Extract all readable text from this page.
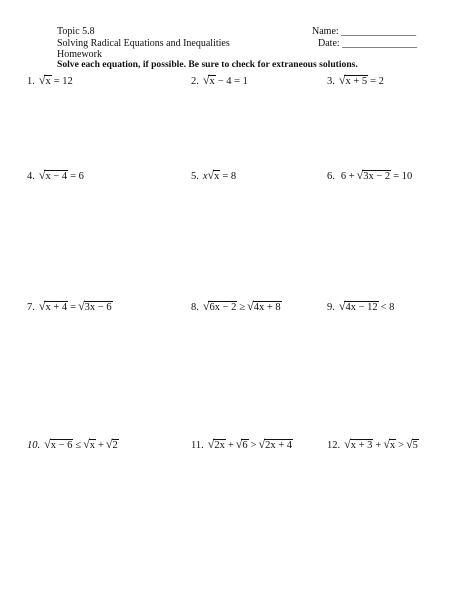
Topic 5.8
Solving Radical Equations and Inequalities
Homework
Name: _______________
Date: _______________
Solve each equation, if possible. Be sure to check for extraneous solutions.
1. √ x = 12	2. √ x − 4 = 1	3. √ x + 5 = 2
4. √ x − 4 = 6	5. x √ x = 8	6. 6 + √ 3x − 2 = 10
7. √ x + 4 = √ 3x − 6	8. √ 6x − 2 ≥ √ 4x + 8	9. √ 4x − 12 < 8
10. √ x − 6 ≤ √ x + √ 2	11. √ 2x + √ 6 > √ 2x + 4	12. √ x + 3 + √ x > √ 5
